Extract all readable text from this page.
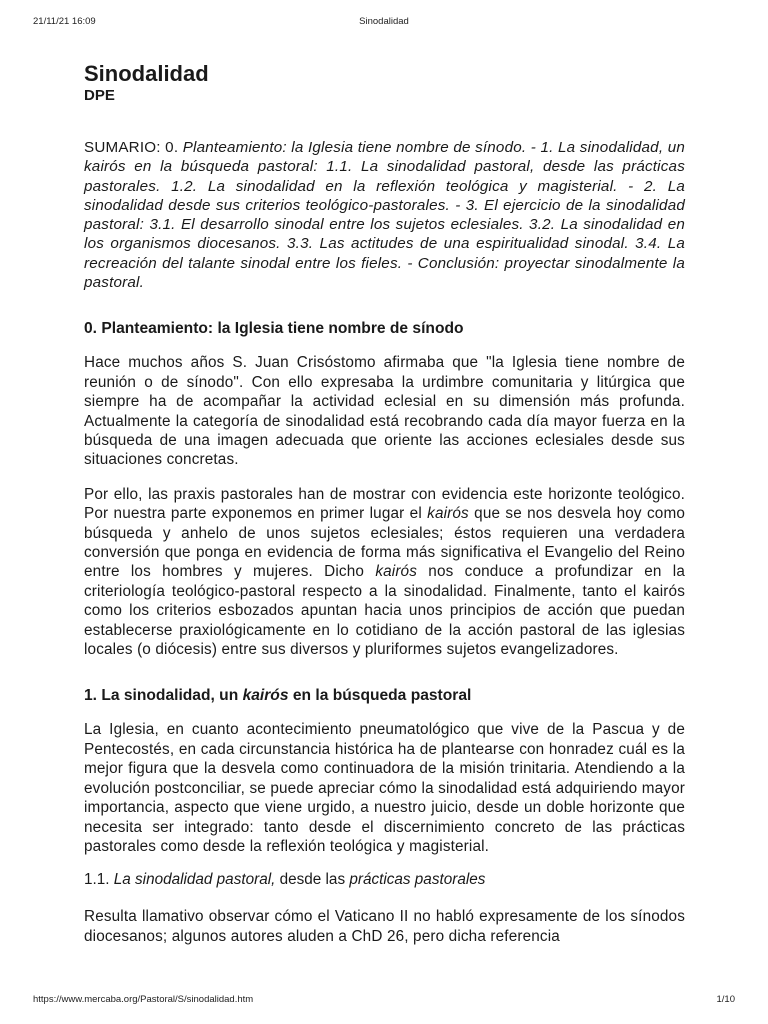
21/11/21 16:09	Sinodalidad
Sinodalidad
DPE

SUMARIO: 0. Planteamiento: la Iglesia tiene nombre de sínodo. - 1. La sinodalidad, un kairós en la búsqueda pastoral: 1.1. La sinodalidad pastoral, desde las prácticas pastorales. 1.2. La sinodalidad en la reflexión teológica y magisterial. - 2. La sinodalidad desde sus criterios teológico-pastorales. - 3. El ejercicio de la sinodalidad pastoral: 3.1. El desarrollo sinodal entre los sujetos eclesiales. 3.2. La sinodalidad en los organismos diocesanos. 3.3. Las actitudes de una espiritualidad sinodal. 3.4. La recreación del talante sinodal entre los fieles. - Conclusión: proyectar sinodalmente la pastoral.

0. Planteamiento: la Iglesia tiene nombre de sínodo

Hace muchos años S. Juan Crisóstomo afirmaba que "la Iglesia tiene nombre de reunión o de sínodo". Con ello expresaba la urdimbre comunitaria y litúrgica que siempre ha de acompañar la actividad eclesial en su dimensión más profunda. Actualmente la categoría de sinodalidad está recobrando cada día mayor fuerza en la búsqueda de una imagen adecuada que oriente las acciones eclesiales desde sus situaciones concretas.

Por ello, las praxis pastorales han de mostrar con evidencia este horizonte teológico. Por nuestra parte exponemos en primer lugar el kairós que se nos desvela hoy como búsqueda y anhelo de unos sujetos eclesiales; éstos requieren una verdadera conversión que ponga en evidencia de forma más significativa el Evangelio del Reino entre los hombres y mujeres. Dicho kairós nos conduce a profundizar en la criteriología teológico-pastoral respecto a la sinodalidad. Finalmente, tanto el kairós como los criterios esbozados apuntan hacia unos principios de acción que puedan establecerse praxiológicamente en lo cotidiano de la acción pastoral de las iglesias locales (o diócesis) entre sus diversos y pluriformes sujetos evangelizadores.

1. La sinodalidad, un kairós en la búsqueda pastoral

La Iglesia, en cuanto acontecimiento pneumatológico que vive de la Pascua y de Pentecostés, en cada circunstancia histórica ha de plantearse con honradez cuál es la mejor figura que la desvela como continuadora de la misión trinitaria. Atendiendo a la evolución postconciliar, se puede apreciar cómo la sinodalidad está adquiriendo mayor importancia, aspecto que viene urgido, a nuestro juicio, desde un doble horizonte que necesita ser integrado: tanto desde el discernimiento concreto de las prácticas pastorales como desde la reflexión teológica y magisterial.

1.1. La sinodalidad pastoral, desde las prácticas pastorales

Resulta llamativo observar cómo el Vaticano II no habló expresamente de los sínodos diocesanos; algunos autores aluden a ChD 26, pero dicha referencia

https://www.mercaba.org/Pastoral/S/sinodalidad.htm	1/10
